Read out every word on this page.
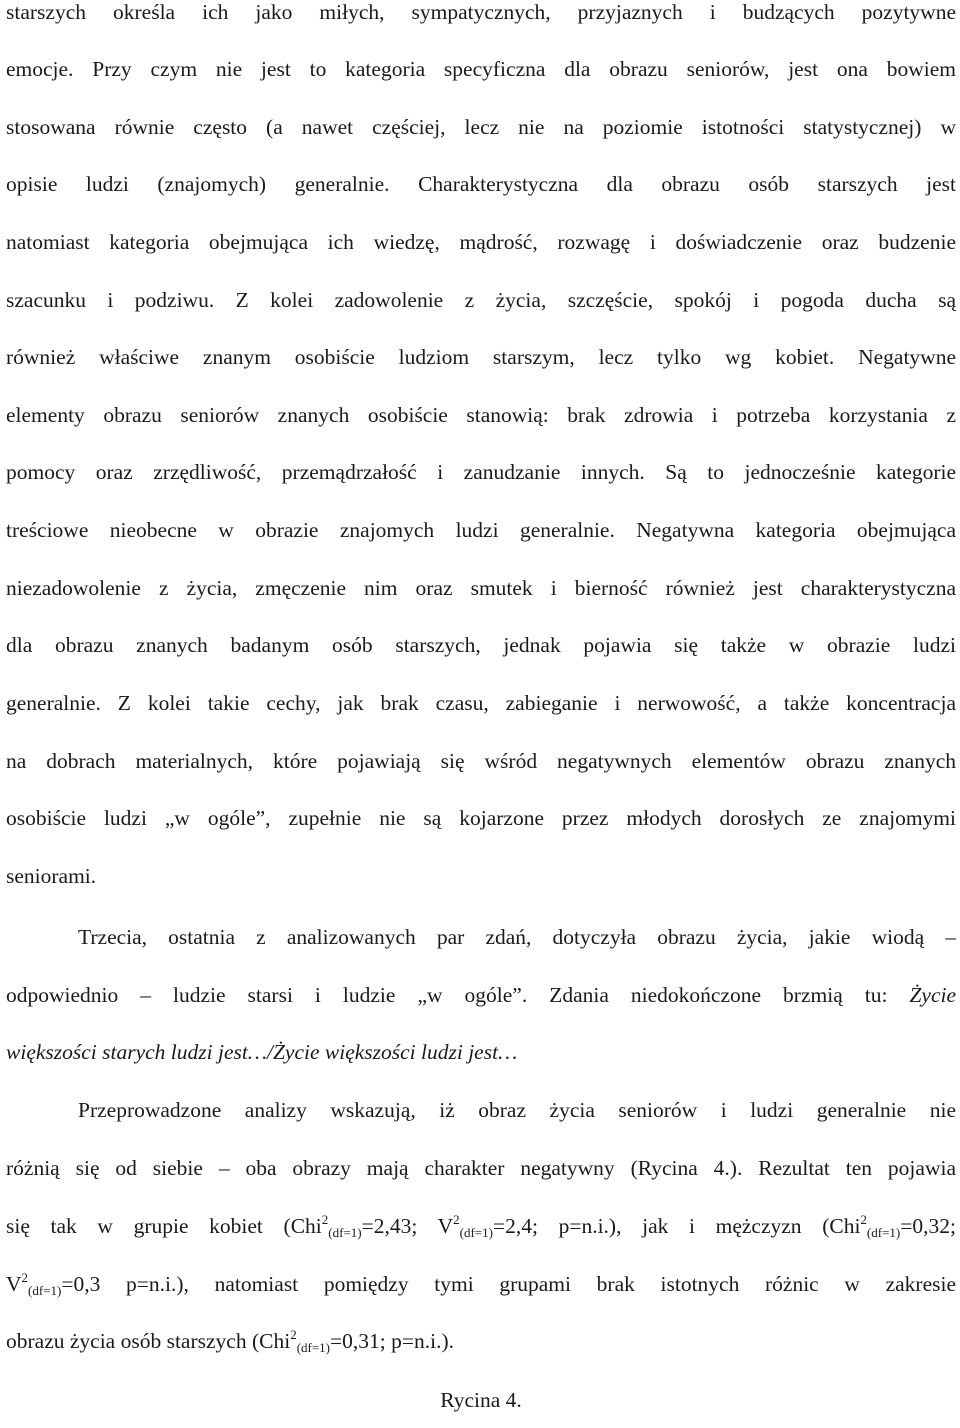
starszych określa ich jako miłych, sympatycznych, przyjaznych i budzących pozytywne
emocje. Przy czym nie jest to kategoria specyficzna dla obrazu seniorów, jest ona bowiem
stosowana równie często (a nawet częściej, lecz nie na poziomie istotności statystycznej) w
opisie ludzi (znajomych) generalnie. Charakterystyczna dla obrazu osób starszych jest
natomiast kategoria obejmująca ich wiedzę, mądrość, rozwagę i doświadczenie oraz budzenie
szacunku i podziwu. Z kolei zadowolenie z życia, szczęście, spokój i pogoda ducha są
również właściwe znanym osobiście ludziom starszym, lecz tylko wg kobiet. Negatywne
elementy obrazu seniorów znanych osobiście stanowią: brak zdrowia i potrzeba korzystania z
pomocy oraz zrzędliwość, przemądrzałość i zanudzanie innych. Są to jednocześnie kategorie
treściowe nieobecne w obrazie znajomych ludzi generalnie. Negatywna kategoria obejmująca
niezadowolenie z życia, zmęczenie nim oraz smutek i bierność również jest charakterystyczna
dla obrazu znanych badanym osób starszych, jednak pojawia się także w obrazie ludzi
generalnie. Z kolei takie cechy, jak brak czasu, zabieganie i nerwowość, a także koncentracja
na dobrach materialnych, które pojawiają się wśród negatywnych elementów obrazu znanych
osobiście ludzi „w ogóle”, zupełnie nie są kojarzone przez młodych dorosłych ze znajomymi
seniorami.
Trzecia, ostatnia z analizowanych par zdań, dotyczyła obrazu życia, jakie wiodą –
odpowiednio – ludzie starsi i ludzie „w ogóle”. Zdania niedokończone brzmią tu: Życie
większości starych ludzi jest…/Życie większości ludzi jest…
Przeprowadzone analizy wskazują, iż obraz życia seniorów i ludzi generalnie nie
różnią się od siebie – oba obrazy mają charakter negatywny (Rycina 4.). Rezultat ten pojawia
się tak w grupie kobiet (Chi$^2_{(df=1)}$=2,43; $V^2_{(df=1)}=2,4$; p=n.i.), jak i mężczyzn (Chi$^2_{(df=1)}$=0,32;
$V^2_{(df=1)}=0,3$ p=n.i.), natomiast pomiędzy tymi grupami brak istotnych różnic w zakresie
obrazu życia osób starszych (Chi$^2_{(df=1)}$=0,31; p=n.i.).
Rycina 4.
